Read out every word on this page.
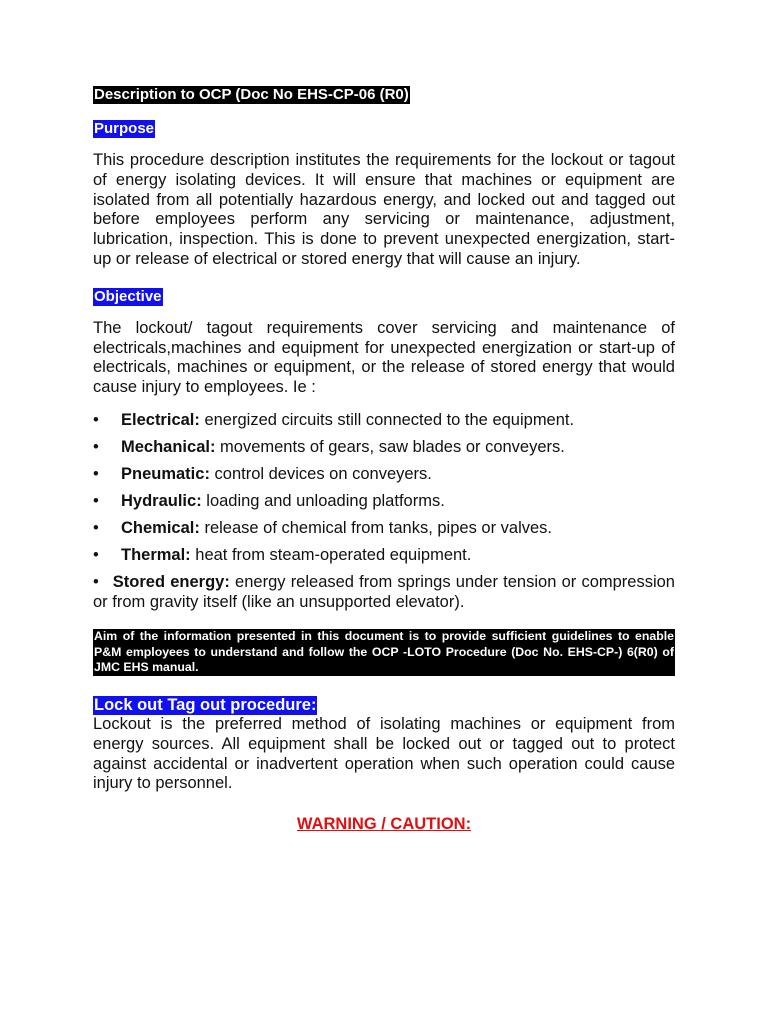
Description to OCP (Doc No EHS-CP-06 (R0)
Purpose

This procedure description institutes the requirements for the lockout or tagout of energy isolating devices. It will ensure that machines or equipment are isolated from all potentially hazardous energy, and locked out and tagged out before employees perform any servicing or maintenance, adjustment, lubrication, inspection. This is done to prevent unexpected energization, start-up or release of electrical or stored energy that will cause an injury.

Objective

The lockout/ tagout requirements cover servicing and maintenance of electricals,machines and equipment for unexpected energization or start-up of electricals, machines or equipment, or the release of stored energy that would cause injury to employees. Ie :

• Electrical: energized circuits still connected to the equipment.
• Mechanical: movements of gears, saw blades or conveyers.
• Pneumatic: control devices on conveyers.
• Hydraulic: loading and unloading platforms.
• Chemical: release of chemical from tanks, pipes or valves.
• Thermal: heat from steam-operated equipment.

• Stored energy: energy released from springs under tension or compression or from gravity itself (like an unsupported elevator).

Aim of the information presented in this document is to provide sufficient guidelines to enable P&M employees to understand and follow the OCP -LOTO Procedure (Doc No. EHS-CP-) 6(R0) of JMC EHS manual.
Lock out Tag out procedure:

Lockout is the preferred method of isolating machines or equipment from energy sources. All equipment shall be locked out or tagged out to protect against accidental or inadvertent operation when such operation could cause injury to personnel.

WARNING / CAUTION:
